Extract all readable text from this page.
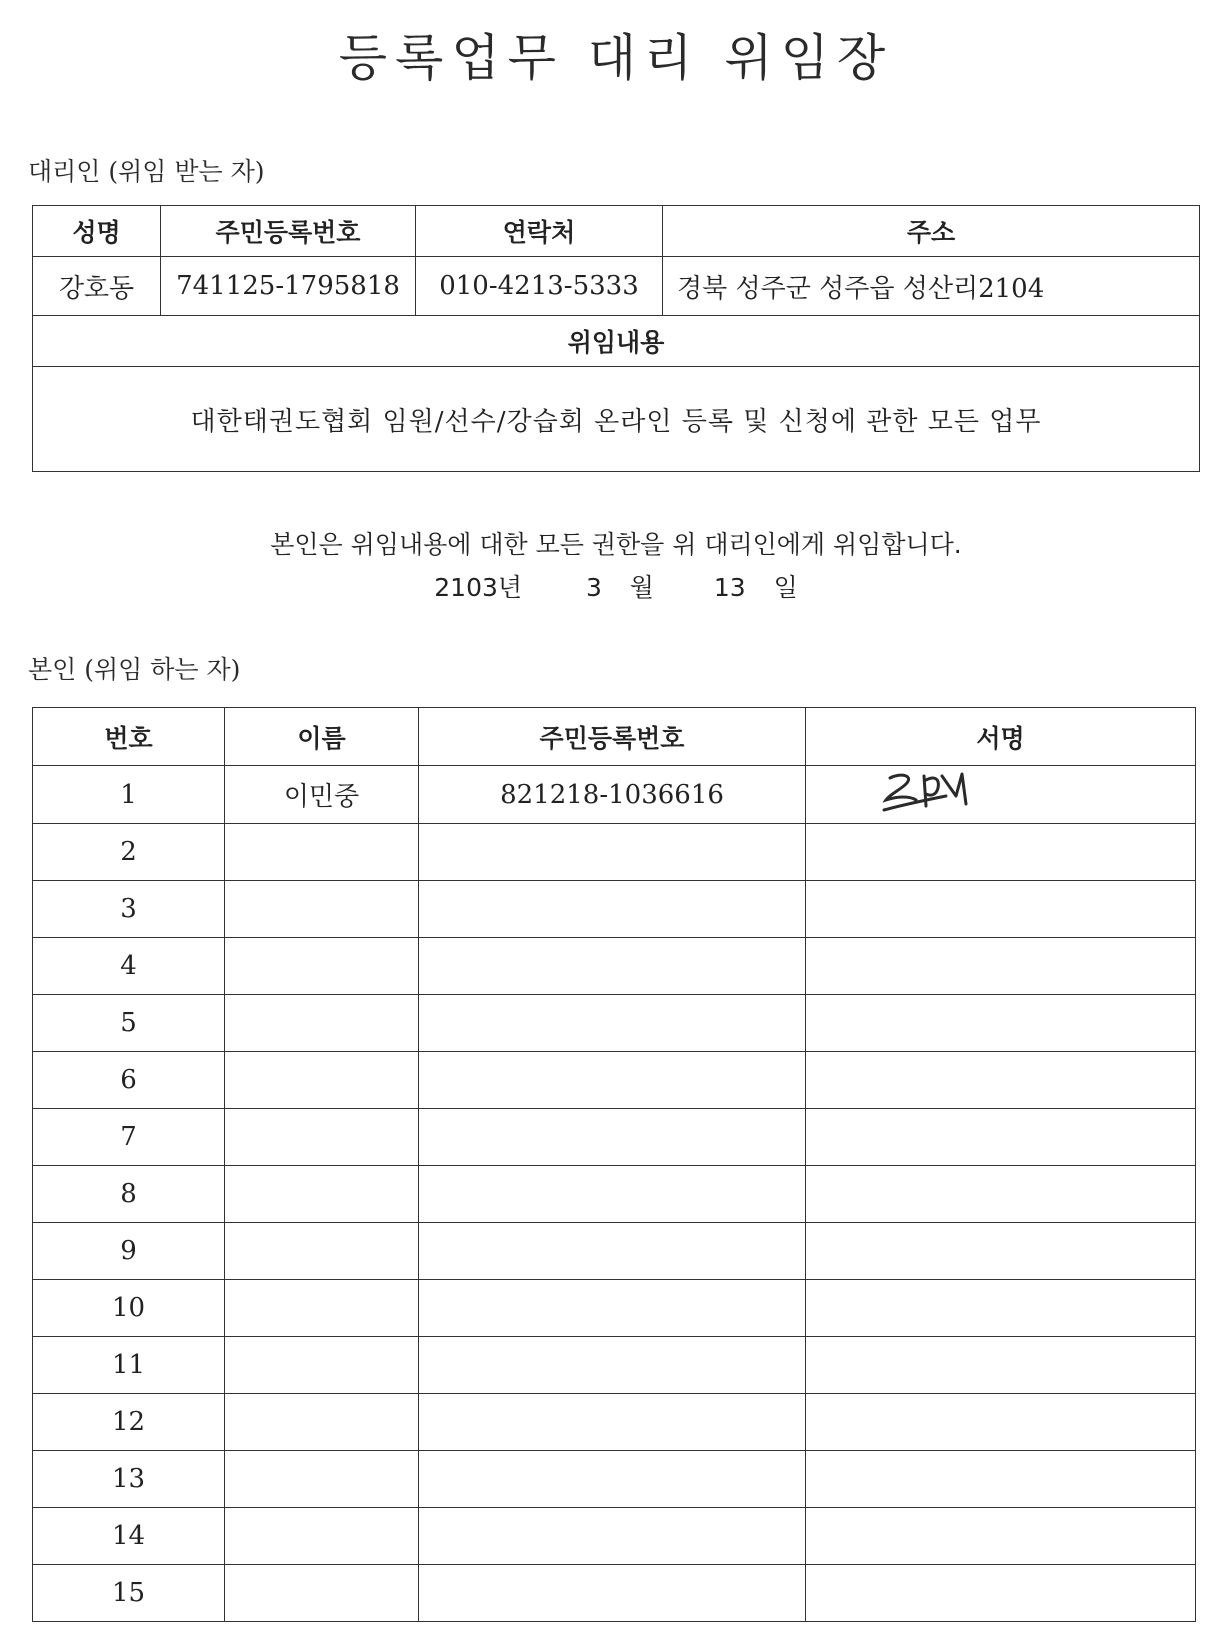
등록업무 대리 위임장
대리인 (위임 받는 자)
성명	주민등록번호	연락처	주소
강호동	741125-1795818	010-4213-5333	경북 성주군 성주읍 성산리2104
위임내용			
대한태권도협회 임원/선수/강습회 온라인 등록 및 신청에 관한 모든 업무			
본인은 위임내용에 대한 모든 권한을 위 대리인에게 위임합니다.
2103년	3 월 13 일
본인 (위임 하는 자)
번호	이름	주민등록번호	서명
1	이민중	821218-1036616	
2			
3			
4			
5			
6			
7			
8			
9			
10			
11			
12			
13			
14			
15			
